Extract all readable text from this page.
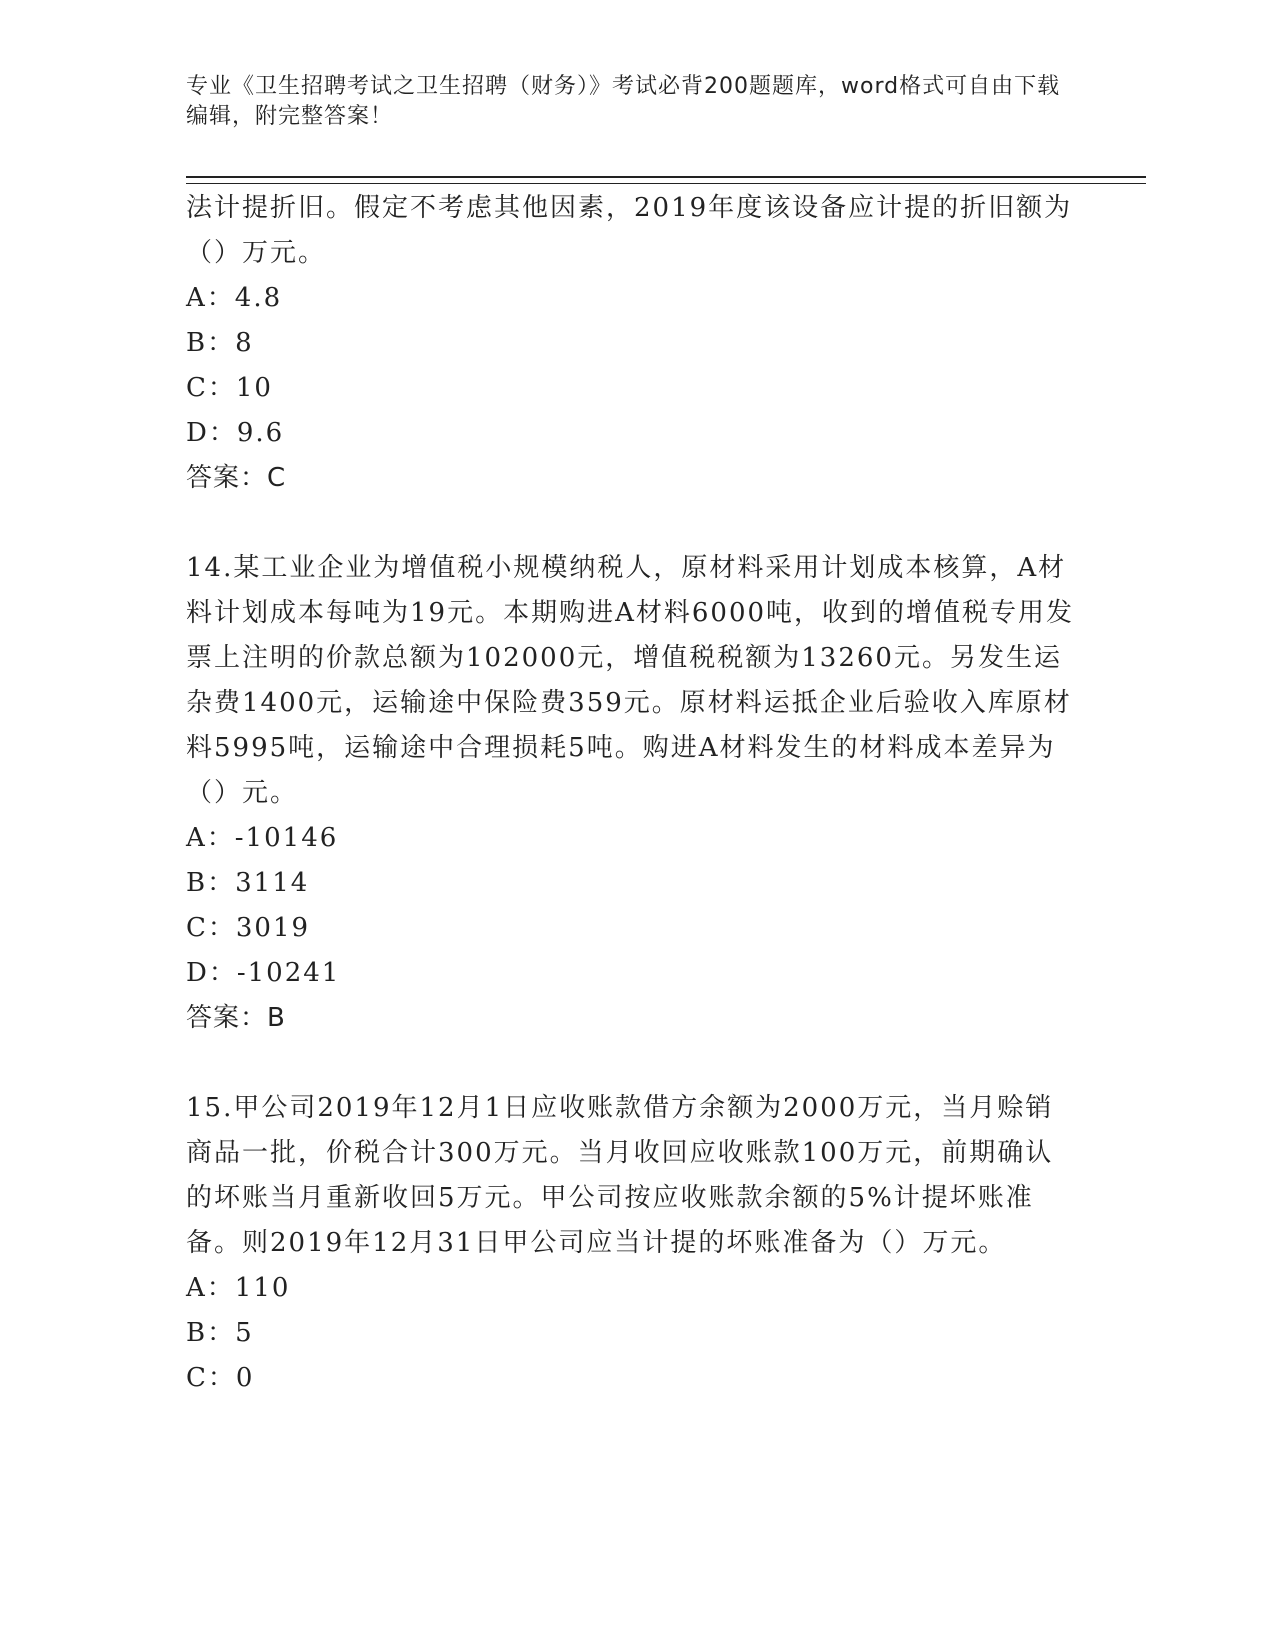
专业《卫生招聘考试之卫生招聘（财务）》考试必背200题题库，word格式可自由下载编辑，附完整答案！

法计提折旧。假定不考虑其他因素，2019年度该设备应计提的折旧额为（）万元。

A：4.8

B：8

C：10

D：9.6

答案：C

14.某工业企业为增值税小规模纳税人，原材料采用计划成本核算，A材料计划成本每吨为19元。本期购进A材料6000吨，收到的增值税专用发票上注明的价款总额为102000元，增值税税额为13260元。另发生运杂费1400元，运输途中保险费359元。原材料运抵企业后验收入库原材料5995吨，运输途中合理损耗5吨。购进A材料发生的材料成本差异为（）元。

A：-10146

B：3114

C：3019

D：-10241

答案：B

15.甲公司2019年12月1日应收账款借方余额为2000万元，当月赊销商品一批，价税合计300万元。当月收回应收账款100万元，前期确认的坏账当月重新收回5万元。甲公司按应收账款余额的5%计提坏账准备。则2019年12月31日甲公司应当计提的坏账准备为（）万元。

A：110

B：5

C：0
